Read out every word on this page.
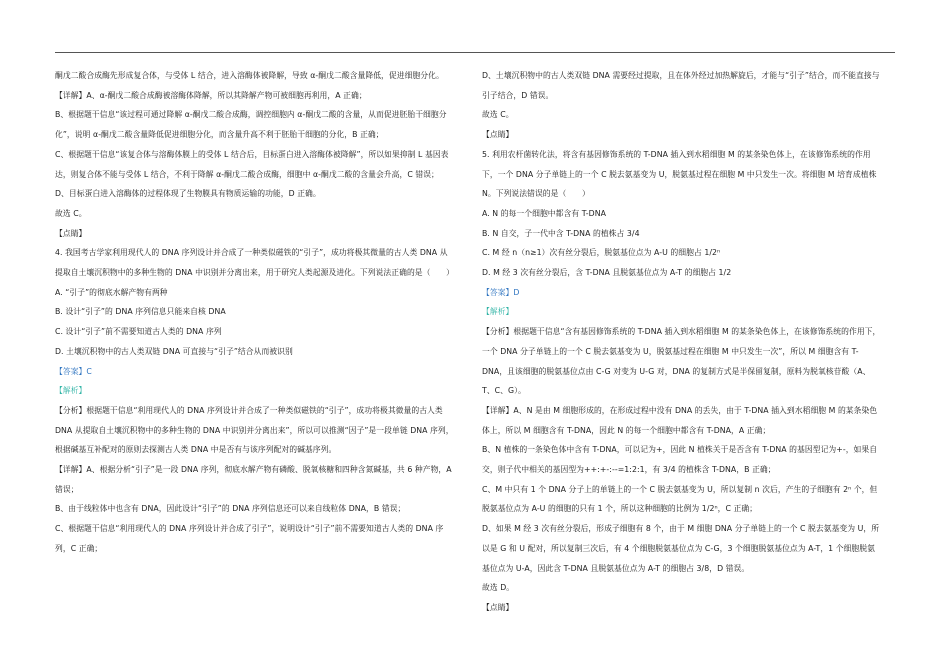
酮戊二酸合成酶先形成复合体，与受体 L 结合，进入溶酶体被降解，导致 α-酮戊二酸含量降低，促进细胞分化。

【详解】A、α-酮戊二酸合成酶被溶酶体降解，所以其降解产物可被细胞再利用，A 正确；

B、根据题干信息“该过程可通过降解 α-酮戊二酸合成酶，调控细胞内 α-酮戊二酸的含量，从而促进胚胎干细胞分化”，说明 α-酮戊二酸含量降低促进细胞分化，而含量升高不利于胚胎干细胞的分化，B 正确；

C、根据题干信息“该复合体与溶酶体膜上的受体 L 结合后，目标蛋白进入溶酶体被降解”，所以如果抑制 L 基因表达，则复合体不能与受体 L 结合，不利于降解 α-酮戊二酸合成酶，细胞中 α-酮戊二酸的含量会升高，C 错误；

D、目标蛋白进入溶酶体的过程体现了生物膜具有物质运输的功能，D 正确。

故选 C。

【点睛】

4. 我国考古学家利用现代人的 DNA 序列设计并合成了一种类似磁铁的“引子”，成功将极其微量的古人类 DNA 从提取自土壤沉积物中的多种生物的 DNA 中识别并分离出来，用于研究人类起源及进化。下列说法正确的是（　　）

A. “引子”的彻底水解产物有两种

B. 设计“引子”的 DNA 序列信息只能来自核 DNA

C. 设计“引子”前不需要知道古人类的 DNA 序列

D. 土壤沉积物中的古人类双链 DNA 可直接与“引子”结合从而被识别

【答案】C

【解析】

【分析】根据题干信息“利用现代人的 DNA 序列设计并合成了一种类似磁铁的“引子”，成功将极其微量的古人类 DNA 从提取自土壤沉积物中的多种生物的 DNA 中识别并分离出来”，所以可以推测“因子”是一段单链 DNA 序列，根据碱基互补配对的原则去探测古人类 DNA 中是否有与该序列配对的碱基序列。

【详解】A、根据分析“引子”是一段 DNA 序列，彻底水解产物有磷酸、脱氧核糖和四种含氮碱基，共 6 种产物，A 错误；

B、由于线粒体中也含有 DNA，因此设计“引子”的 DNA 序列信息还可以来自线粒体 DNA，B 错误；

C、根据题干信息“利用现代人的 DNA 序列设计并合成了引子”，说明设计“引子”前不需要知道古人类的 DNA 序列，C 正确；

D、土壤沉积物中的古人类双链 DNA 需要经过提取，且在体外经过加热解旋后，才能与“引子”结合，而不能直接与引子结合，D 错误。

故选 C。

【点睛】

5. 利用农杆菌转化法，将含有基因修饰系统的 T-DNA 插入到水稻细胞 M 的某条染色体上，在该修饰系统的作用下，一个 DNA 分子单链上的一个 C 脱去氨基变为 U，脱氨基过程在细胞 M 中只发生一次。将细胞 M 培育成植株 N。下列说法错误的是（　　）

A. N 的每一个细胞中都含有 T-DNA

B. N 自交，子一代中含 T-DNA 的植株占 3/4

C. M 经 n（n≥1）次有丝分裂后，脱氨基位点为 A-U 的细胞占 1/2ⁿ

D. M 经 3 次有丝分裂后，含 T-DNA 且脱氨基位点为 A-T 的细胞占 1/2

【答案】D

【解析】

【分析】根据题干信息“含有基因修饰系统的 T-DNA 插入到水稻细胞 M 的某条染色体上，在该修饰系统的作用下，一个 DNA 分子单链上的一个 C 脱去氨基变为 U，脱氨基过程在细胞 M 中只发生一次”，所以 M 细胞含有 T-DNA，且该细胞的脱氨基位点由 C-G 对变为 U-G 对，DNA 的复制方式是半保留复制，原料为脱氧核苷酸（A、T、C、G）。

【详解】A、N 是由 M 细胞形成的，在形成过程中没有 DNA 的丢失，由于 T-DNA 插入到水稻细胞 M 的某条染色体上，所以 M 细胞含有 T-DNA，因此 N 的每一个细胞中都含有 T-DNA，A 正确；

B、N 植株的一条染色体中含有 T-DNA，可以记为+，因此 N 植株关于是否含有 T-DNA 的基因型记为+-，如果自交，则子代中相关的基因型为++:+-:--=1:2:1，有 3/4 的植株含 T-DNA，B 正确；

C、M 中只有 1 个 DNA 分子上的单链上的一个 C 脱去氨基变为 U，所以复制 n 次后，产生的子细胞有 2ⁿ 个，但脱氨基位点为 A-U 的细胞的只有 1 个，所以这种细胞的比例为 1/2ⁿ，C 正确；

D、如果 M 经 3 次有丝分裂后，形成子细胞有 8 个，由于 M 细胞 DNA 分子单链上的一个 C 脱去氨基变为 U，所以是 G 和 U 配对，所以复制三次后，有 4 个细胞脱氨基位点为 C-G，3 个细胞脱氨基位点为 A-T，1 个细胞脱氨基位点为 U-A，因此含 T-DNA 且脱氨基位点为 A-T 的细胞占 3/8，D 错误。

故选 D。

【点睛】
